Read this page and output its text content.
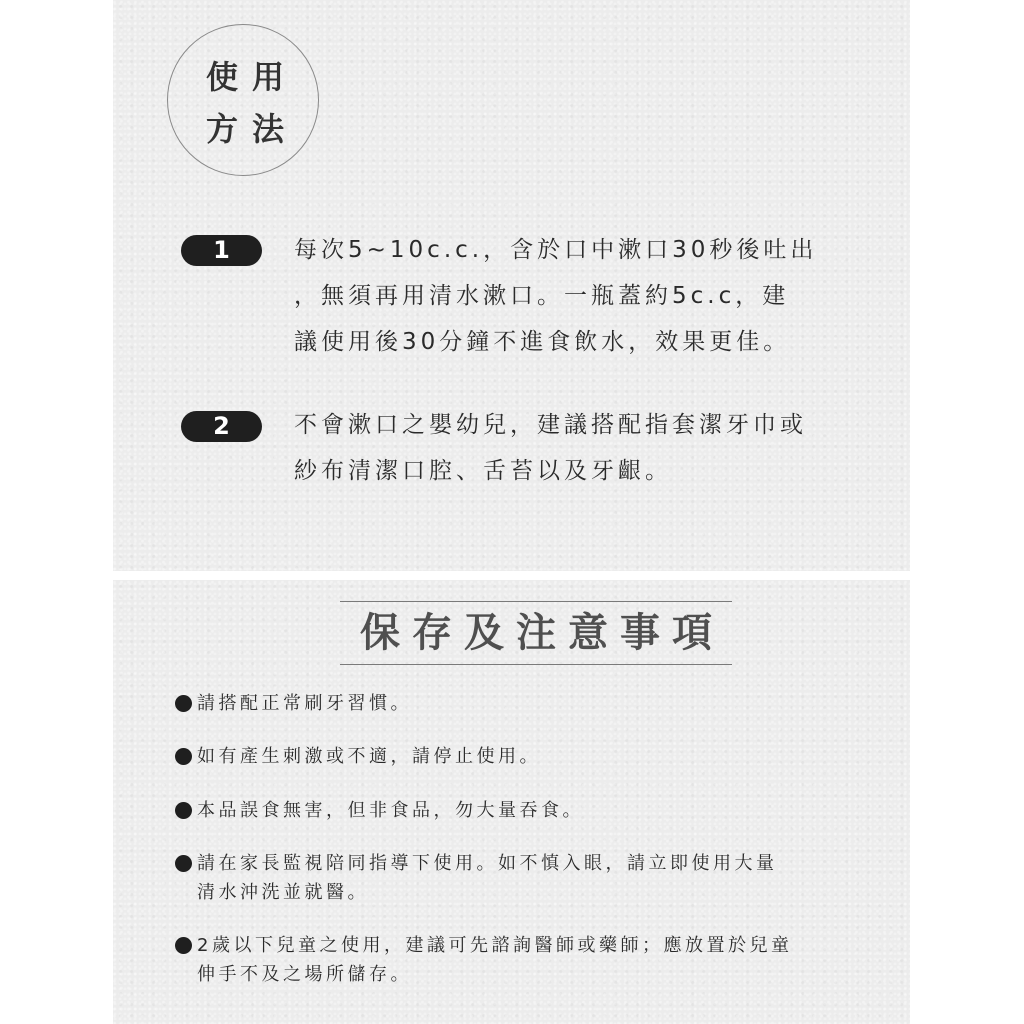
使用
方法
1	每次5~10c.c.，含於口中漱口30秒後吐出
，無須再用清水漱口。一瓶蓋約5c.c，建
議使用後30分鐘不進食飲水，效果更佳。
2	不會漱口之嬰幼兒，建議搭配指套潔牙巾或
紗布清潔口腔、舌苔以及牙齦。
保存及注意事項
請搭配正常刷牙習慣。
如有產生刺激或不適，請停止使用。
本品誤食無害，但非食品，勿大量吞食。
請在家長監視陪同指導下使用。如不慎入眼，請立即使用大量
清水沖洗並就醫。
2歲以下兒童之使用，建議可先諮詢醫師或藥師；應放置於兒童
伸手不及之場所儲存。
